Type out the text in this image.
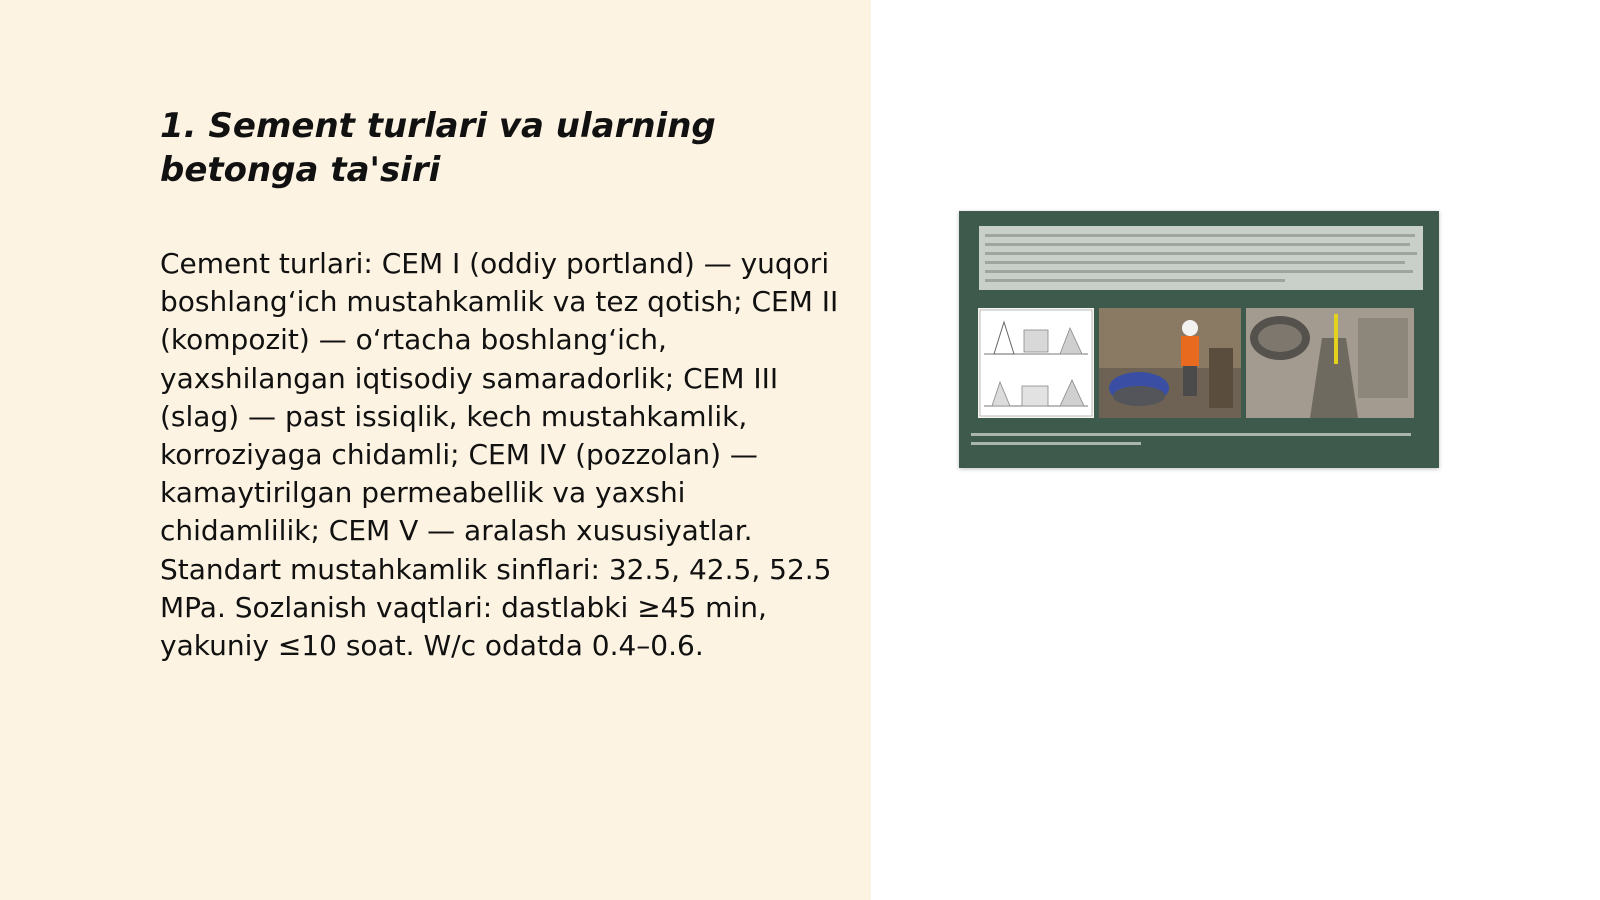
1. Sement turlari va ularning betonga ta'siri

Cement turlari: CEM I (oddiy portland) — yuqori boshlang‘ich mustahkamlik va tez qotish; CEM II (kompozit) — o‘rtacha boshlang‘ich, yaxshilangan iqtisodiy samaradorlik; CEM III (slag) — past issiqlik, kech mustahkamlik, korroziyaga chidamli; CEM IV (pozzolan) — kamaytirilgan permeabellik va yaxshi chidamlilik; CEM V — aralash xususiyatlar. Standart mustahkamlik sinflari: 32.5, 42.5, 52.5 MPa. Sozlanish vaqtlari: dastlabki ≥45 min, yakuniy ≤10 soat. W/c odatda 0.4–0.6.
